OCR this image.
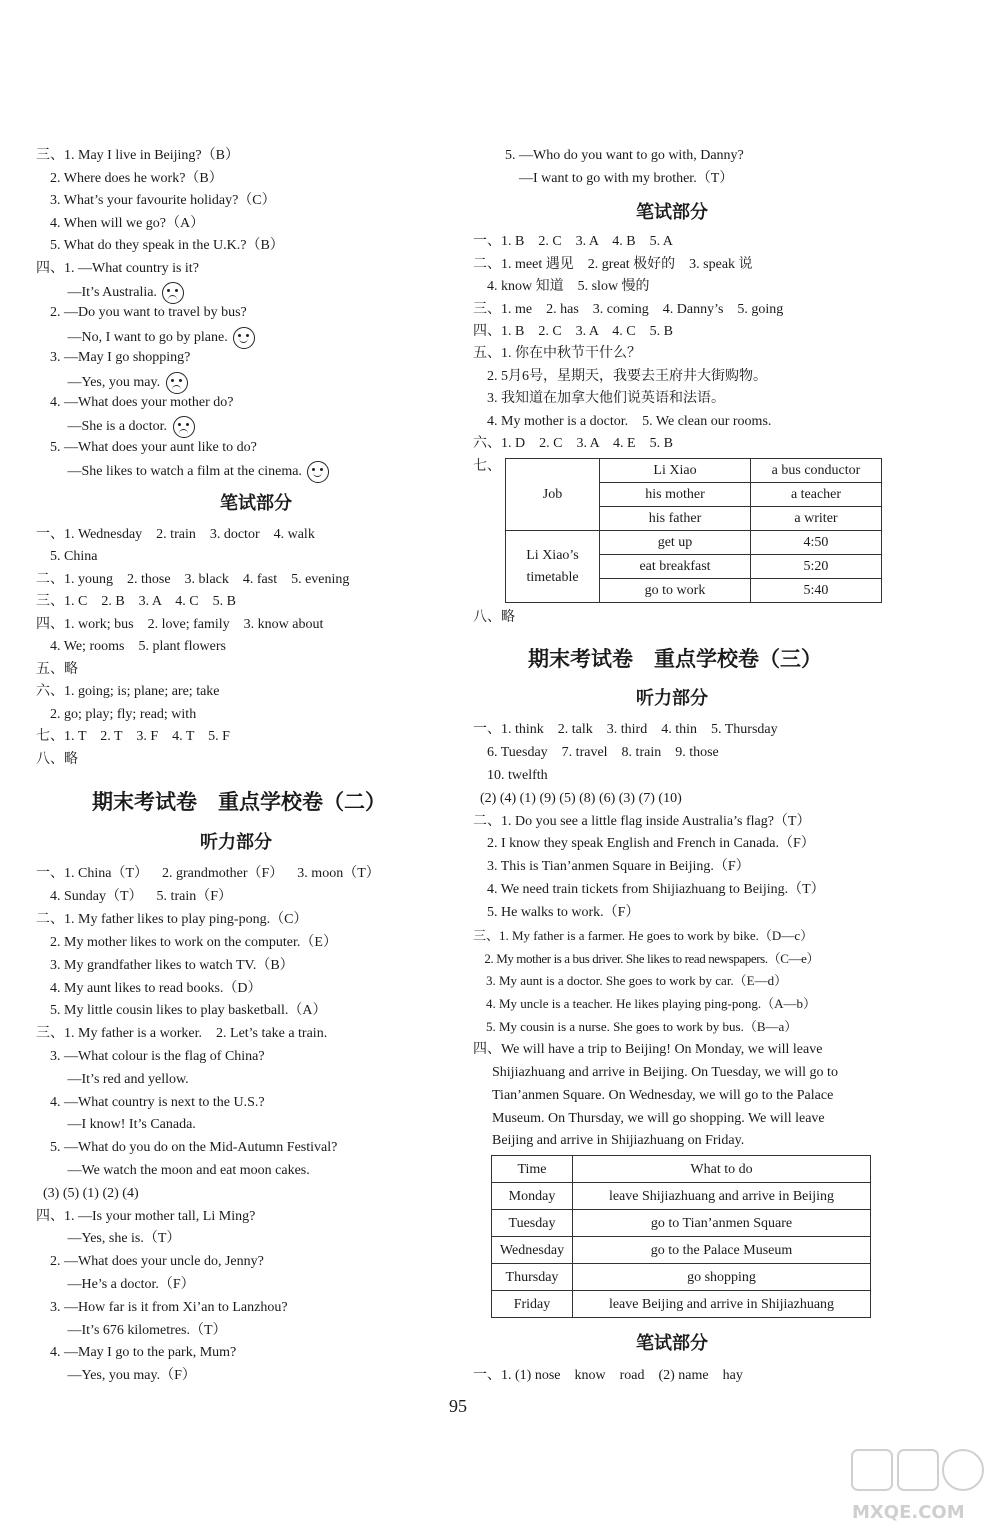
三、1. May I live in Beijing?（B）
2. Where does he work?（B）
3. What’s your favourite holiday?（C）
4. When will we go?（A）
5. What do they speak in the U.K.?（B）
四、1. —What country is it?
—It’s Australia.
2. —Do you want to travel by bus?
—No, I want to go by plane.
3. —May I go shopping?
—Yes, you may.
4. —What does your mother do?
—She is a doctor.
5. —What does your aunt like to do?
—She likes to watch a film at the cinema.
笔试部分
一、1. Wednesday    2. train    3. doctor    4. walk
5. China
二、1. young    2. those    3. black    4. fast    5. evening
三、1. C    2. B    3. A    4. C    5. B
四、1. work; bus    2. love; family    3. know about
4. We; rooms    5. plant flowers
五、略
六、1. going; is; plane; are; take
2. go; play; fly; read; with
七、1. T    2. T    3. F    4. T    5. F
八、略
期末考试卷　重点学校卷（二）
听力部分
一、1. China（T）    2. grandmother（F）    3. moon（T）
4. Sunday（T）    5. train（F）
二、1. My father likes to play ping-pong.（C）
2. My mother likes to work on the computer.（E）
3. My grandfather likes to watch TV.（B）
4. My aunt likes to read books.（D）
5. My little cousin likes to play basketball.（A）
三、1. My father is a worker.    2. Let’s take a train.
3. —What colour is the flag of China?
—It’s red and yellow.
4. —What country is next to the U.S.?
—I know! It’s Canada.
5. —What do you do on the Mid-Autumn Festival?
—We watch the moon and eat moon cakes.
(3) (5) (1) (2) (4)
四、1. —Is your mother tall, Li Ming?
—Yes, she is.（T）
2. —What does your uncle do, Jenny?
—He’s a doctor.（F）
3. —How far is it from Xi’an to Lanzhou?
—It’s 676 kilometres.（T）
4. —May I go to the park, Mum?
—Yes, you may.（F）
5. —Who do you want to go with, Danny?
—I want to go with my brother.（T）
笔试部分
一、1. B    2. C    3. A    4. B    5. A
二、1. meet 遇见    2. great 极好的    3. speak 说
4. know 知道    5. slow 慢的
三、1. me    2. has    3. coming    4. Danny’s    5. going
四、1. B    2. C    3. A    4. C    5. B
五、1. 你在中秋节干什么？
2. 5月6号，星期天，我要去王府井大街购物。
3. 我知道在加拿大他们说英语和法语。
4. My mother is a doctor.    5. We clean our rooms.
六、1. D    2. C    3. A    4. E    5. B
七、
Job	Li Xiao	a bus conductor
	his mother	a teacher
	his father	a writer
Li Xiao’s timetable	get up	4:50
	eat breakfast	5:20
	go to work	5:40
八、略
期末考试卷　重点学校卷（三）
听力部分
一、1. think    2. talk    3. third    4. thin    5. Thursday
6. Tuesday    7. travel    8. train    9. those
10. twelfth
(2) (4) (1) (9) (5) (8) (6) (3) (7) (10)
二、1. Do you see a little flag inside Australia’s flag?（T）
2. I know they speak English and French in Canada.（F）
3. This is Tian’anmen Square in Beijing.（F）
4. We need train tickets from Shijiazhuang to Beijing.（T）
5. He walks to work.（F）
三、1. My father is a farmer. He goes to work by bike.（D—c）
2. My mother is a bus driver. She likes to read newspapers.（C—e）
3. My aunt is a doctor. She goes to work by car.（E—d）
4. My uncle is a teacher. He likes playing ping-pong.（A—b）
5. My cousin is a nurse. She goes to work by bus.（B—a）
四、We will have a trip to Beijing! On Monday, we will leave
Shijiazhuang and arrive in Beijing. On Tuesday, we will go to
Tian’anmen Square. On Wednesday, we will go to the Palace
Museum. On Thursday, we will go shopping. We will leave
Beijing and arrive in Shijiazhuang on Friday.
Time	What to do
Monday	leave Shijiazhuang and arrive in Beijing
Tuesday	go to Tian’anmen Square
Wednesday	go to the Palace Museum
Thursday	go shopping
Friday	leave Beijing and arrive in Shijiazhuang
笔试部分
一、1. (1) nose    know    road    (2) name    hay
95
MXQE.COM
